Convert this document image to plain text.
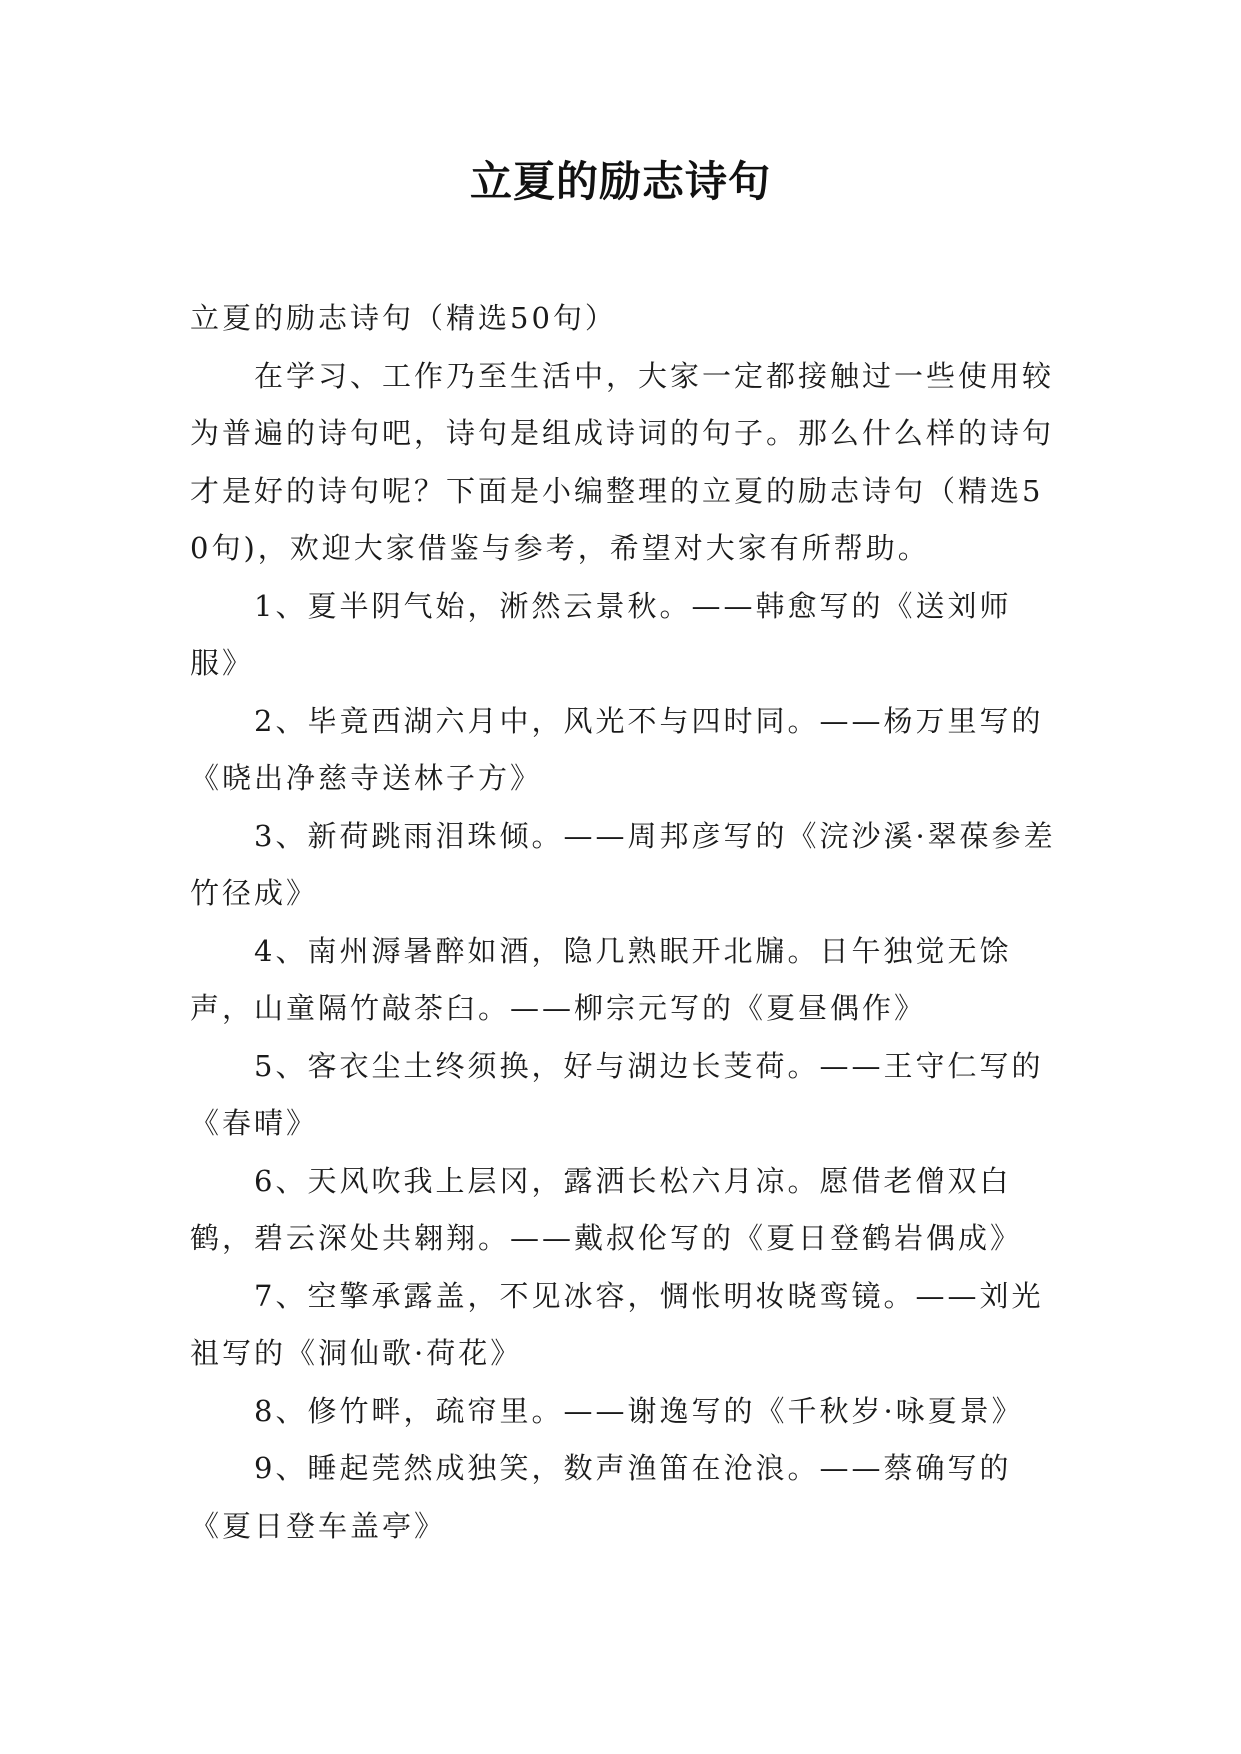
立夏的励志诗句

立夏的励志诗句（精选50句）

在学习、工作乃至生活中，大家一定都接触过一些使用较为普遍的诗句吧，诗句是组成诗词的句子。那么什么样的诗句才是好的诗句呢？下面是小编整理的立夏的励志诗句（精选50句)，欢迎大家借鉴与参考，希望对大家有所帮助。

1、夏半阴气始，淅然云景秋。——韩愈写的《送刘师服》

2、毕竟西湖六月中，风光不与四时同。——杨万里写的《晓出净慈寺送林子方》

3、新荷跳雨泪珠倾。——周邦彦写的《浣沙溪·翠葆参差竹径成》

4、南州溽暑醉如酒，隐几熟眠开北牖。日午独觉无馀声，山童隔竹敲茶臼。——柳宗元写的《夏昼偶作》

5、客衣尘土终须换，好与湖边长芰荷。——王守仁写的《春晴》

6、天风吹我上层冈，露洒长松六月凉。愿借老僧双白鹤，碧云深处共翱翔。——戴叔伦写的《夏日登鹤岩偶成》

7、空擎承露盖，不见冰容，惆怅明妆晓鸾镜。——刘光祖写的《洞仙歌·荷花》

8、修竹畔，疏帘里。——谢逸写的《千秋岁·咏夏景》

9、睡起莞然成独笑，数声渔笛在沧浪。——蔡确写的《夏日登车盖亭》
